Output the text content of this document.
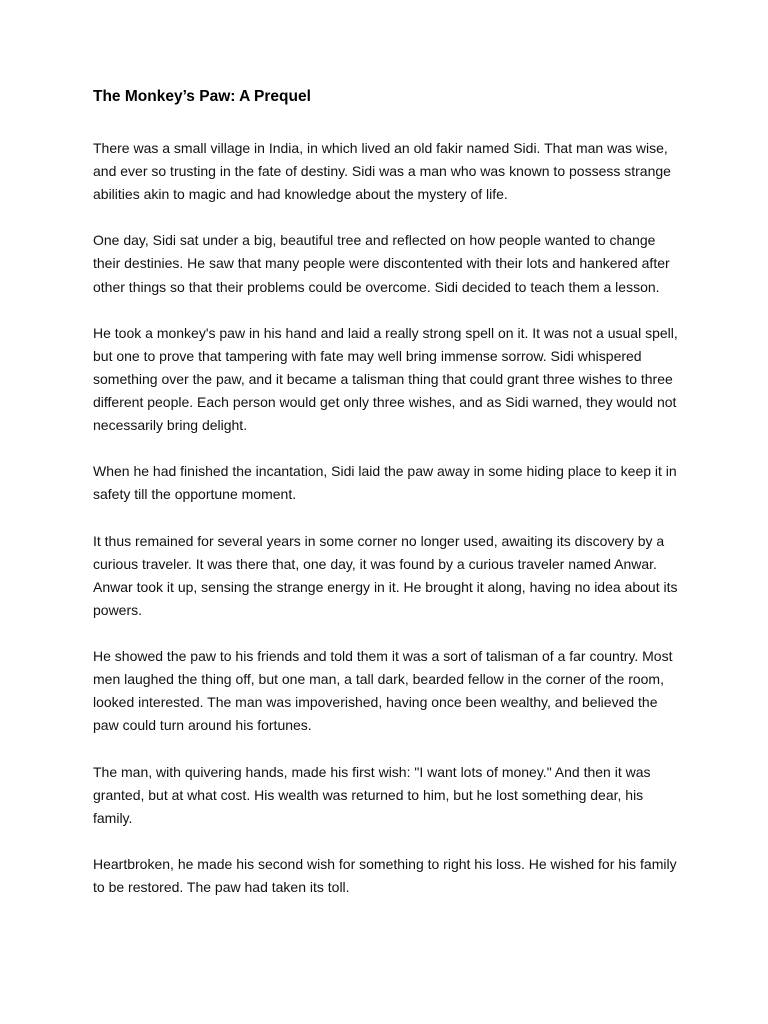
The Monkey’s Paw: A Prequel

There was a small village in India, in which lived an old fakir named Sidi. That man was wise, and ever so trusting in the fate of destiny. Sidi was a man who was known to possess strange abilities akin to magic and had knowledge about the mystery of life.

One day, Sidi sat under a big, beautiful tree and reflected on how people wanted to change their destinies. He saw that many people were discontented with their lots and hankered after other things so that their problems could be overcome. Sidi decided to teach them a lesson.

He took a monkey's paw in his hand and laid a really strong spell on it. It was not a usual spell, but one to prove that tampering with fate may well bring immense sorrow. Sidi whispered something over the paw, and it became a talisman thing that could grant three wishes to three different people. Each person would get only three wishes, and as Sidi warned, they would not necessarily bring delight.

When he had finished the incantation, Sidi laid the paw away in some hiding place to keep it in safety till the opportune moment.

It thus remained for several years in some corner no longer used, awaiting its discovery by a curious traveler. It was there that, one day, it was found by a curious traveler named Anwar. Anwar took it up, sensing the strange energy in it. He brought it along, having no idea about its powers.

He showed the paw to his friends and told them it was a sort of talisman of a far country. Most men laughed the thing off, but one man, a tall dark, bearded fellow in the corner of the room, looked interested. The man was impoverished, having once been wealthy, and believed the paw could turn around his fortunes.

The man, with quivering hands, made his first wish: "I want lots of money." And then it was granted, but at what cost. His wealth was returned to him, but he lost something dear, his family.

Heartbroken, he made his second wish for something to right his loss. He wished for his family to be restored. The paw had taken its toll.
